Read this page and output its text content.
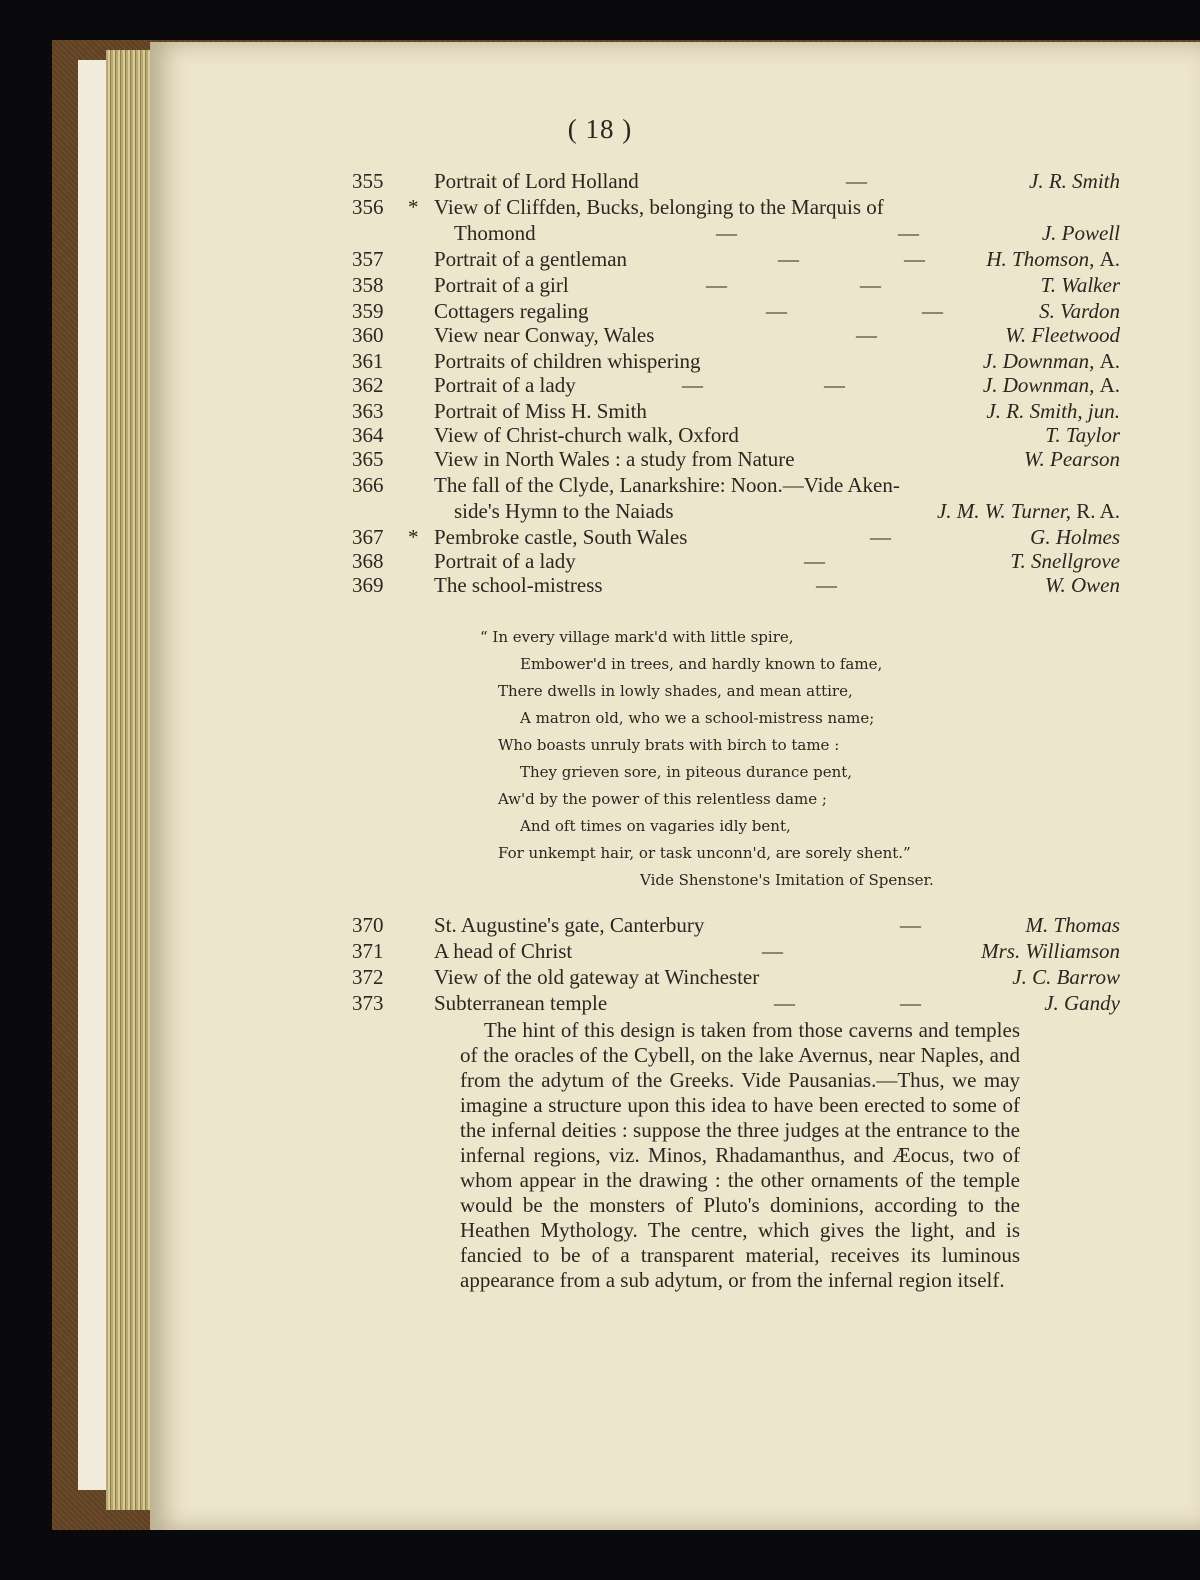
( 18 )
355	Portrait of Lord Holland	—	J. R. Smith
356	* View of Cliffden, Bucks, belonging to the Marquis of
Thomond	—	—	J. Powell
357	Portrait of a gentleman	—	—	H. Thomson, A.
358	Portrait of a girl	—	—	T. Walker
359	Cottagers regaling	—	—	S. Vardon
360	View near Conway, Wales	—	W. Fleetwood
361	Portraits of children whispering	J. Downman, A.
362	Portrait of a lady	—	—	J. Downman, A.
363	Portrait of Miss H. Smith	J. R. Smith, jun.
364	View of Christ-church walk, Oxford	T. Taylor
365	View in North Wales : a study from Nature	W. Pearson
366	The fall of the Clyde, Lanarkshire: Noon.—Vide Aken-
side's Hymn to the Naiads	J. M. W. Turner, R. A.
367	* Pembroke castle, South Wales	—	G. Holmes
368	Portrait of a lady	—	T. Snellgrove
369	The school-mistress	—	W. Owen
“ In every village mark'd with little spire,
Embower'd in trees, and hardly known to fame,
There dwells in lowly shades, and mean attire,
A matron old, who we a school-mistress name;
Who boasts unruly brats with birch to tame :
They grieven sore, in piteous durance pent,
Aw'd by the power of this relentless dame ;
And oft times on vagaries idly bent,
For unkempt hair, or task unconn'd, are sorely shent.”
Vide Shenstone's Imitation of Spenser.
370	St. Augustine's gate, Canterbury	—	M. Thomas
371	A head of Christ	—	Mrs. Williamson
372	View of the old gateway at Winchester	J. C. Barrow
373	Subterranean temple	—	—	J. Gandy

The hint of this design is taken from those caverns and temples of the oracles of the Cybell, on the lake Avernus, near Naples, and from the adytum of the Greeks. Vide Pausanias.—Thus, we may imagine a structure upon this idea to have been erected to some of the infernal deities : suppose the three judges at the entrance to the infernal regions, viz. Minos, Rhadamanthus, and Æocus, two of whom appear in the drawing : the other ornaments of the temple would be the monsters of Pluto's dominions, according to the Heathen Mythology. The centre, which gives the light, and is fancied to be of a transparent material, receives its luminous appearance from a sub adytum, or from the infernal region itself.
